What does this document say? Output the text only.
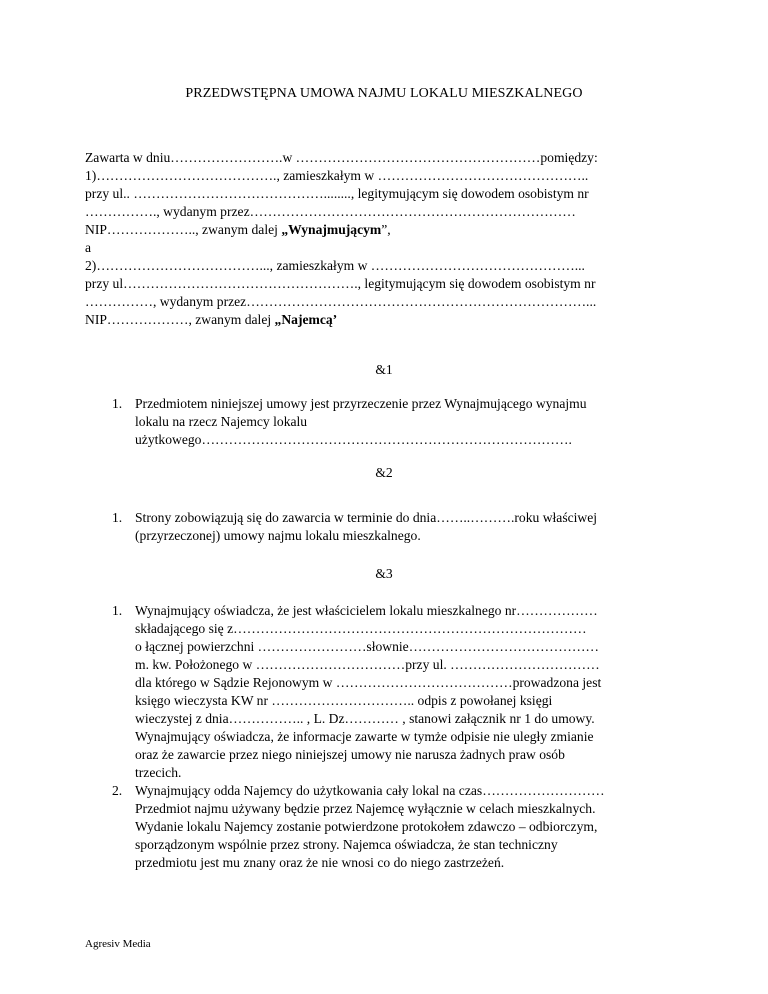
PRZEDWSTĘPNA UMOWA NAJMU LOKALU MIESZKALNEGO
Zawarta w dniu…………………….w ………………………………………………pomiędzy:
1)…………………………………., zamieszkałym w ………………………………………..
przy ul.. ……………………………………........, legitymującym się dowodem osobistym nr
……………., wydanym przez………………………………………………………………
NIP……………….., zwanym dalej „Wynajmującym”,
a
2)………………………………..., zamieszkałym w ………………………………………...
przy ul……………………………………………., legitymującym się dowodem osobistym nr
……………, wydanym przez…………………………………………………………………...
NIP………………, zwanym dalej „Najemcą’
&1
1. Przedmiotem niniejszej umowy jest przyrzeczenie przez Wynajmującego wynajmu
lokalu na rzecz Najemcy lokalu
użytkowego……………………………………………………………………….
&2
1. Strony zobowiązują się do zawarcia w terminie do dnia……..……….roku właściwej
(przyrzeczonej) umowy najmu lokalu mieszkalnego.
&3
1. Wynajmujący oświadcza, że jest właścicielem lokalu mieszkalnego nr………………
składającego się z……………………………………………………………………
o łącznej powierzchni ……………………słownie……………………………………
m. kw. Położonego w ……………………………przy ul. ……………………………
dla którego w Sądzie Rejonowym w …………………………………prowadzona jest
księgo wieczysta KW nr ………………………….. odpis z powołanej księgi
wieczystej z dnia…………….. , L. Dz………… , stanowi załącznik nr 1 do umowy.
Wynajmujący oświadcza, że informacje zawarte w tymże odpisie nie uległy zmianie
oraz że zawarcie przez niego niniejszej umowy nie narusza żadnych praw osób
trzecich.
2. Wynajmujący odda Najemcy do użytkowania cały lokal na czas………………………
Przedmiot najmu używany będzie przez Najemcę wyłącznie w celach mieszkalnych.
Wydanie lokalu Najemcy zostanie potwierdzone protokołem zdawczo – odbiorczym,
sporządzonym wspólnie przez strony. Najemca oświadcza, że stan techniczny
przedmiotu jest mu znany oraz że nie wnosi co do niego zastrzeżeń.
Agresiv Media
